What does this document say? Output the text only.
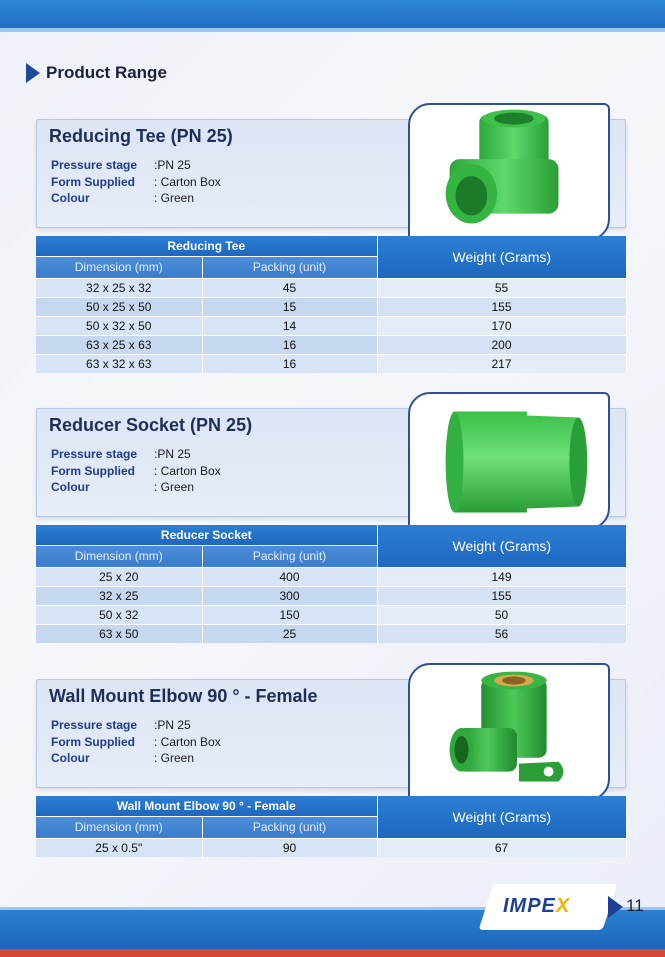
Product Range
Reducing Tee (PN 25)
Pressure stage :PN 25
Form Supplied : Carton Box
Colour	: Green
Reducing Tee		Weight (Grams)
Dimension (mm)	Packing (unit)	
32 x 25 x 32	45	55
50 x 25 x 50	15	155
50 x 32 x 50	14	170
63 x 25 x 63	16	200
63 x 32 x 63	16	217
Reducer Socket (PN 25)
Pressure stage :PN 25
Form Supplied : Carton Box
Colour	: Green
Reducer Socket		Weight (Grams)
Dimension (mm)	Packing (unit)	
25 x 20	400	149
32 x 25	300	155
50 x 32	150	50
63 x 50	25	56
Wall Mount Elbow 90 ° - Female
Pressure stage :PN 25
Form Supplied : Carton Box
Colour	: Green
Wall Mount Elbow 90 ° - Female		Weight (Grams)
Dimension (mm)	Packing (unit)	
25 x 0.5"	90	67
IMPEX	11
